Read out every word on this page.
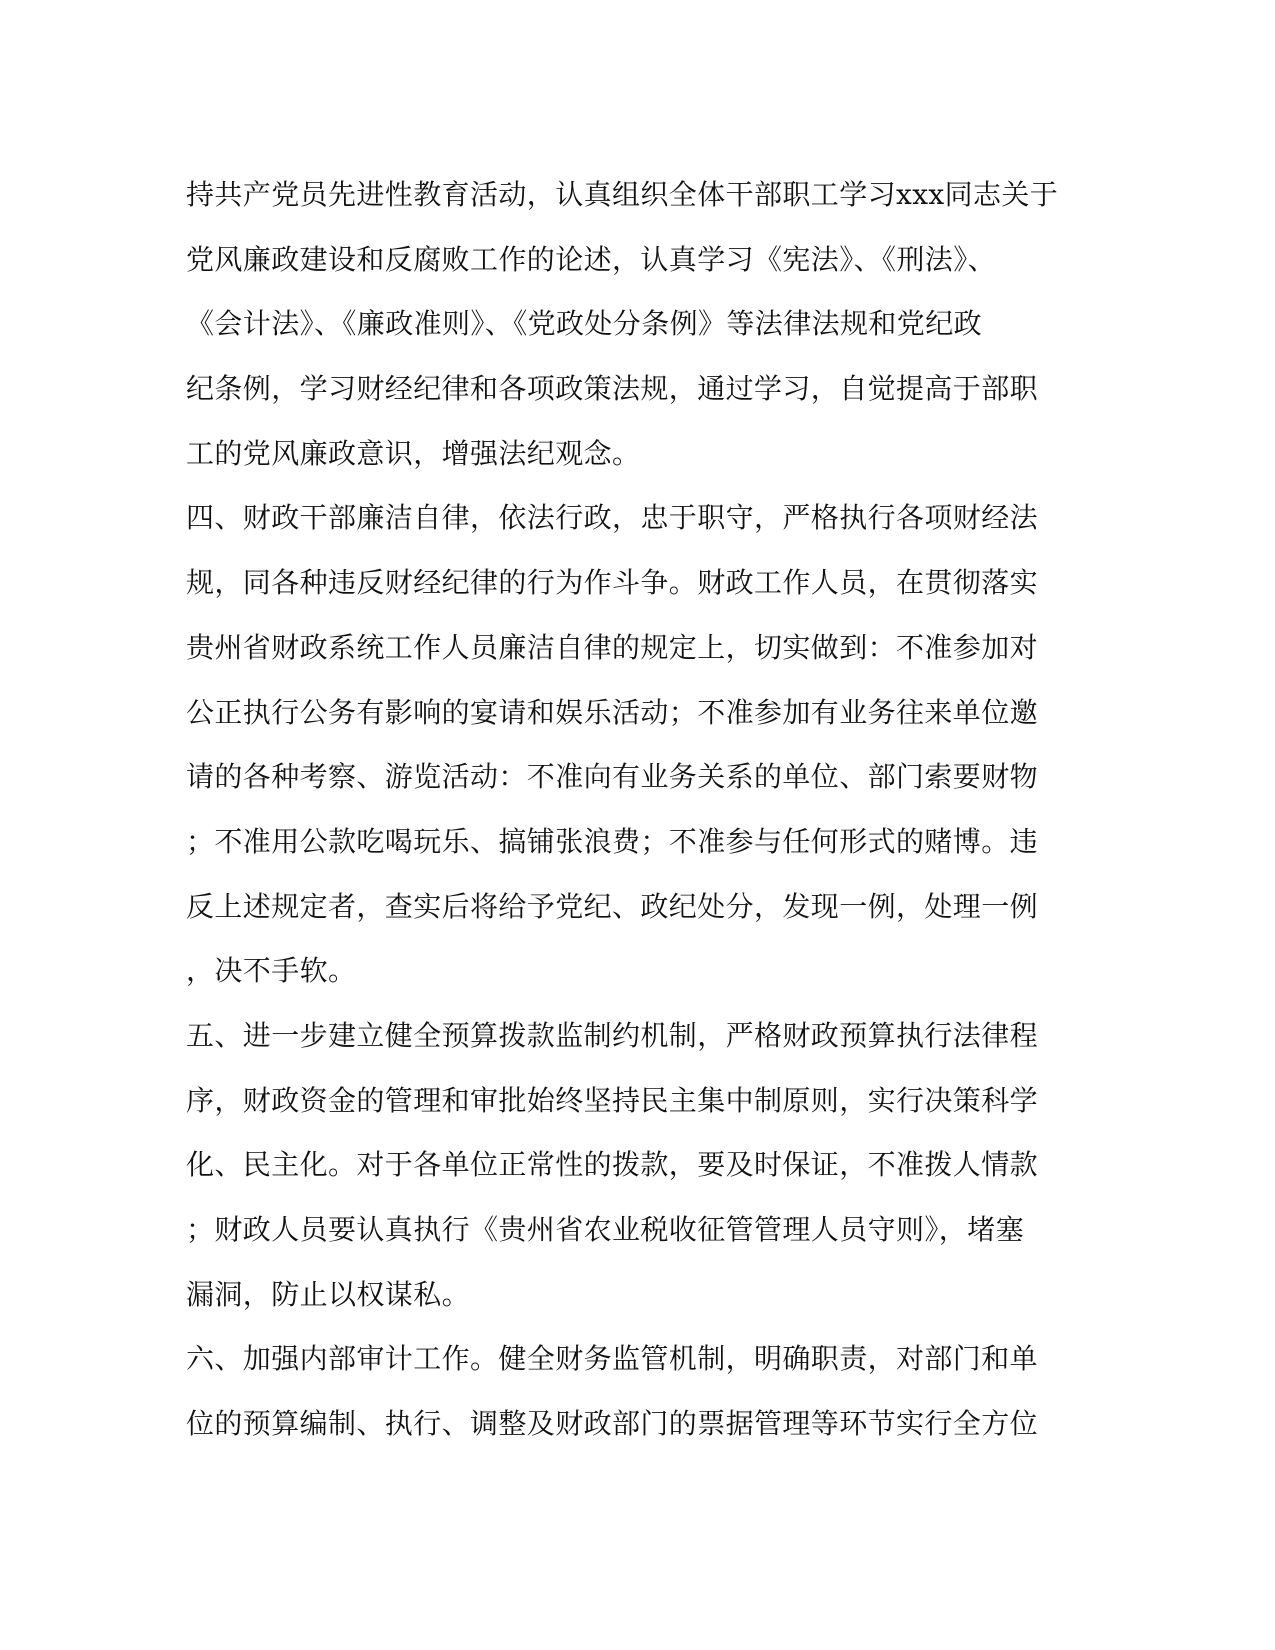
持共产党员先进性教育活动，认真组织全体干部职工学习xxx同志关于
党风廉政建设和反腐败工作的论述，认真学习《宪法》、《刑法》、
《会计法》、《廉政准则》、《党政处分条例》等法律法规和党纪政
纪条例，学习财经纪律和各项政策法规，通过学习，自觉提高于部职
工的党风廉政意识，增强法纪观念。
四、财政干部廉洁自律，依法行政，忠于职守，严格执行各项财经法
规，同各种违反财经纪律的行为作斗争。财政工作人员，在贯彻落实
贵州省财政系统工作人员廉洁自律的规定上，切实做到：不准参加对
公正执行公务有影响的宴请和娱乐活动；不准参加有业务往来单位邀
请的各种考察、游览活动：不准向有业务关系的单位、部门索要财物
；不准用公款吃喝玩乐、搞铺张浪费；不准参与任何形式的赌博。违
反上述规定者，查实后将给予党纪、政纪处分，发现一例，处理一例
，决不手软。
五、进一步建立健全预算拨款监制约机制，严格财政预算执行法律程
序，财政资金的管理和审批始终坚持民主集中制原则，实行决策科学
化、民主化。对于各单位正常性的拨款，要及时保证，不准拨人情款
；财政人员要认真执行《贵州省农业税收征管管理人员守则》，堵塞
漏洞，防止以权谋私。
六、加强内部审计工作。健全财务监管机制，明确职责，对部门和单
位的预算编制、执行、调整及财政部门的票据管理等环节实行全方位
